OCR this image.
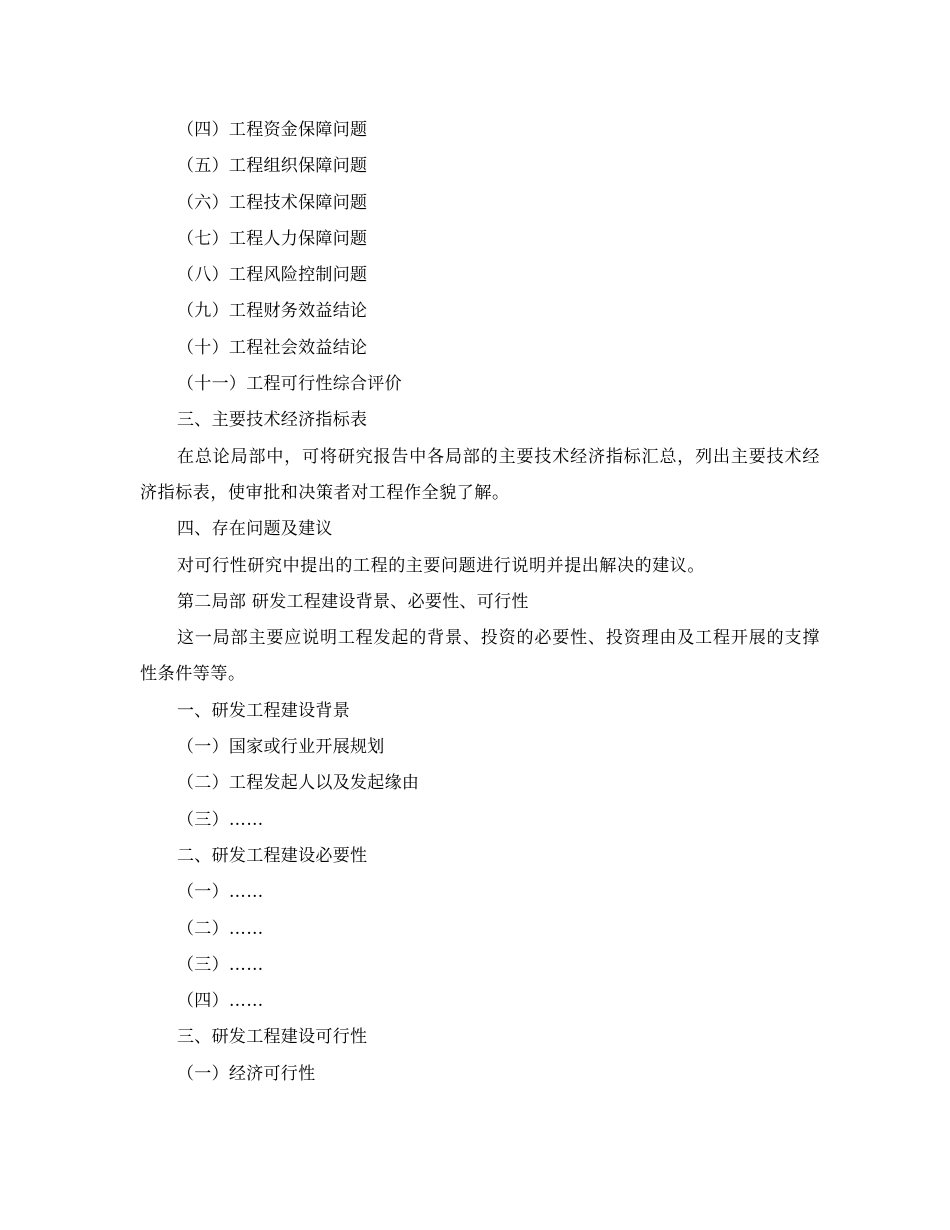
（四）工程资金保障问题
（五）工程组织保障问题
（六）工程技术保障问题
（七）工程人力保障问题
（八）工程风险控制问题
（九）工程财务效益结论
（十）工程社会效益结论
（十一）工程可行性综合评价
三、主要技术经济指标表

在总论局部中，可将研究报告中各局部的主要技术经济指标汇总，列出主要技术经济指标表，使审批和决策者对工程作全貌了解。

四、存在问题及建议

对可行性研究中提出的工程的主要问题进行说明并提出解决的建议。

第二局部 研发工程建设背景、必要性、可行性

这一局部主要应说明工程发起的背景、投资的必要性、投资理由及工程开展的支撑性条件等等。

一、研发工程建设背景
（一）国家或行业开展规划
（二）工程发起人以及发起缘由
（三）……
二、研发工程建设必要性
（一）……
（二）……
（三）……
（四）……
三、研发工程建设可行性
（一）经济可行性
